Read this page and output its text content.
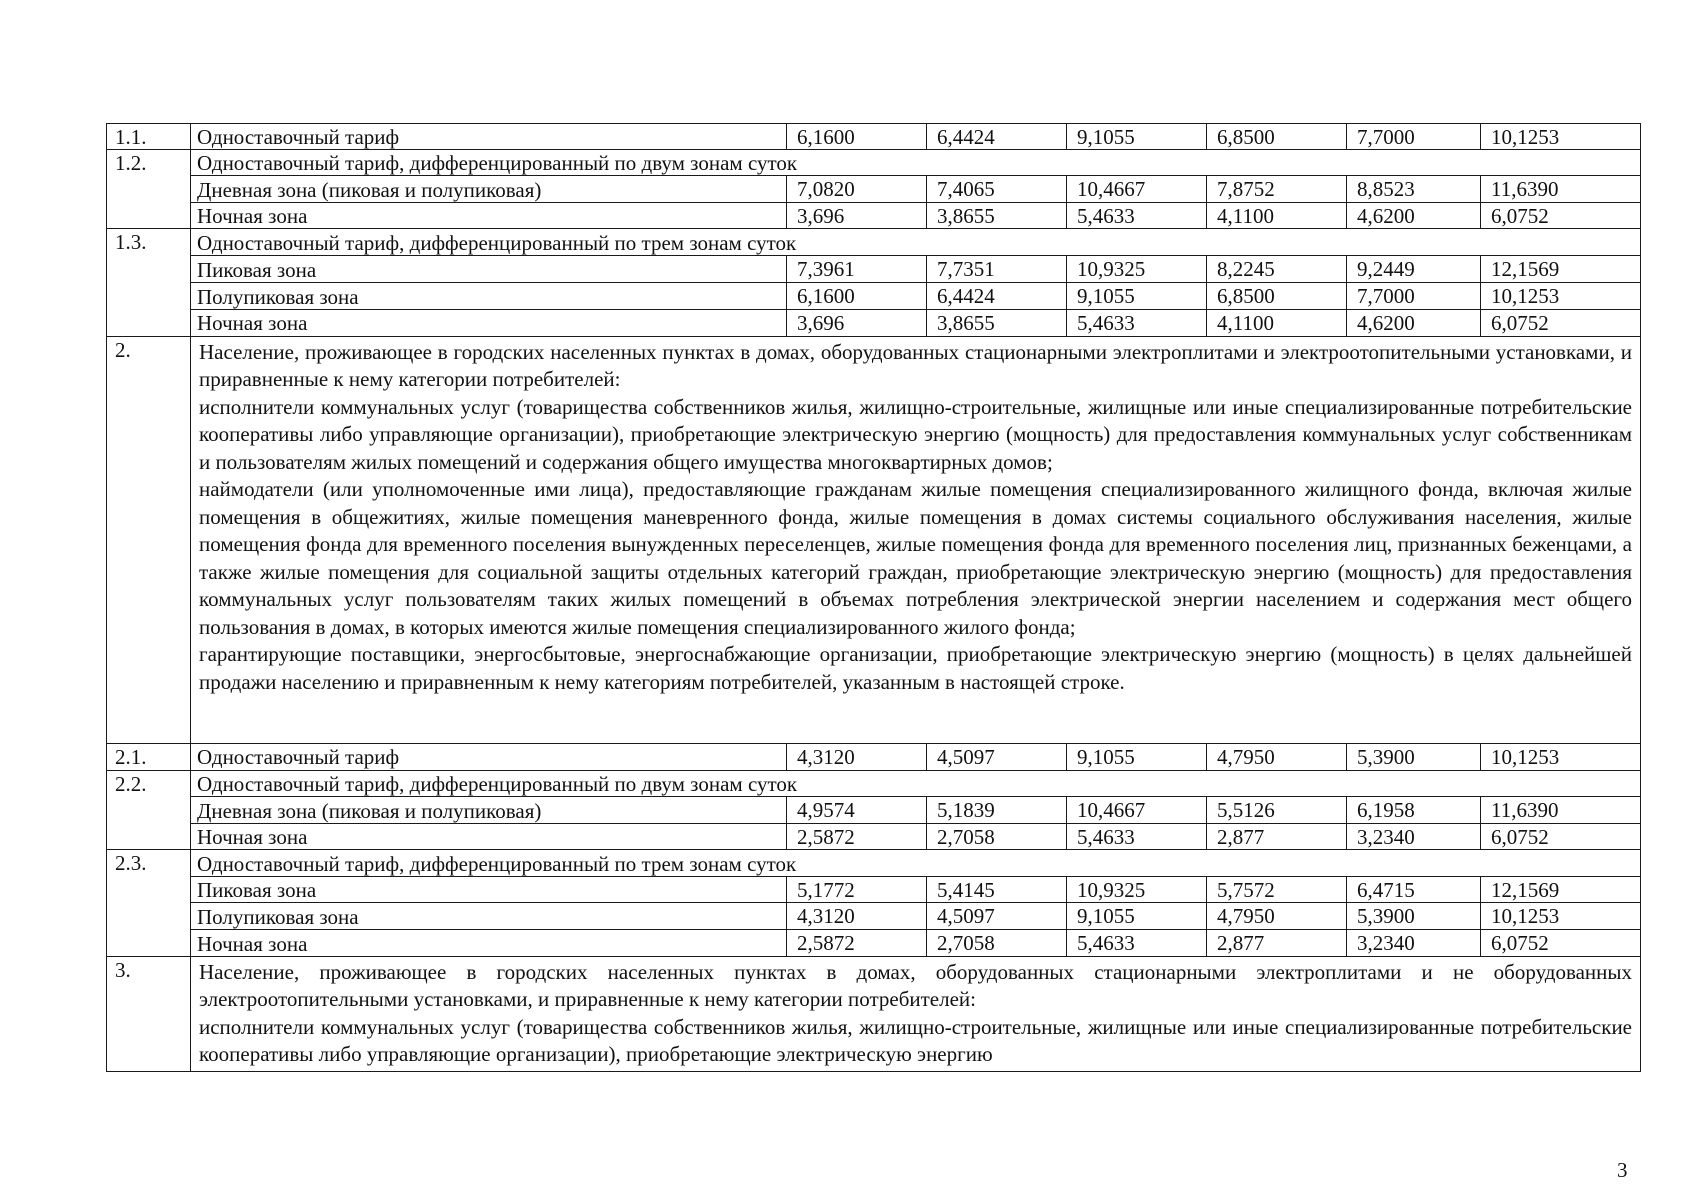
1.1.	Одноставочный тариф	6,1600	6,4424	9,1055	6,8500	7,7000	10,1253
1.2.	Одноставочный тариф, дифференцированный по двум зонам суток						
	Дневная зона (пиковая и полупиковая)	7,0820	7,4065	10,4667	7,8752	8,8523	11,6390
	Ночная зона	3,696	3,8655	5,4633	4,1100	4,6200	6,0752
1.3.	Одноставочный тариф, дифференцированный по трем зонам суток						
	Пиковая зона	7,3961	7,7351	10,9325	8,2245	9,2449	12,1569
	Полупиковая зона	6,1600	6,4424	9,1055	6,8500	7,7000	10,1253
	Ночная зона	3,696	3,8655	5,4633	4,1100	4,6200	6,0752
2.	Население, проживающее в городских населенных пунктах в домах, оборудованных стационарными электроплитами и электроотопительными установками, и приравненные к нему категории потребителей:
исполнители коммунальных услуг (товарищества собственников жилья, жилищно-строительные, жилищные или иные специализированные потребительские кооперативы либо управляющие организации), приобретающие электрическую энергию (мощность) для предоставления коммунальных услуг собственникам и пользователям жилых помещений и содержания общего имущества многоквартирных домов;
наймодатели (или уполномоченные ими лица), предоставляющие гражданам жилые помещения специализированного жилищного фонда, включая жилые помещения в общежитиях, жилые помещения маневренного фонда, жилые помещения в домах системы социального обслуживания населения, жилые помещения фонда для временного поселения вынужденных переселенцев, жилые помещения фонда для временного поселения лиц, признанных беженцами, а также жилые помещения для социальной защиты отдельных категорий граждан, приобретающие электрическую энергию (мощность) для предоставления коммунальных услуг пользователям таких жилых помещений в объемах потребления электрической энергии населением и содержания мест общего пользования в домах, в которых имеются жилые помещения специализированного жилого фонда;
гарантирующие поставщики, энергосбытовые, энергоснабжающие организации, приобретающие электрическую энергию (мощность) в целях дальнейшей продажи населению и приравненным к нему категориям потребителей, указанным в настоящей строке.						

2.1.	Одноставочный тариф	4,3120	4,5097	9,1055	4,7950	5,3900	10,1253
2.2.	Одноставочный тариф, дифференцированный по двум зонам суток						
	Дневная зона (пиковая и полупиковая)	4,9574	5,1839	10,4667	5,5126	6,1958	11,6390
	Ночная зона	2,5872	2,7058	5,4633	2,877	3,2340	6,0752
2.3.	Одноставочный тариф, дифференцированный по трем зонам суток						
	Пиковая зона	5,1772	5,4145	10,9325	5,7572	6,4715	12,1569
	Полупиковая зона	4,3120	4,5097	9,1055	4,7950	5,3900	10,1253
	Ночная зона	2,5872	2,7058	5,4633	2,877	3,2340	6,0752
3.	Население, проживающее в городских населенных пунктах в домах, оборудованных стационарными электроплитами и не оборудованных электроотопительными установками, и приравненные к нему категории потребителей:
исполнители коммунальных услуг (товарищества собственников жилья, жилищно-строительные, жилищные или иные специализированные потребительские кооперативы либо управляющие организации), приобретающие электрическую энергию						
3
